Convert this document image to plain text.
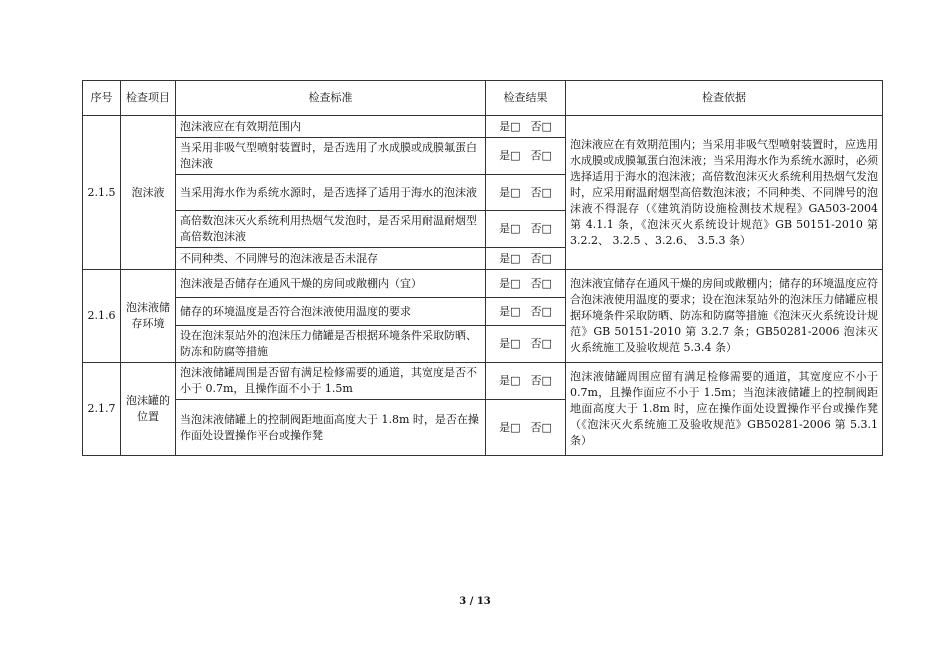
序号	检查项目	检查标准	检查结果	检查依据
2.1.5	泡沫液	泡沫液应在有效期范围内	是□ 否□	泡沫液应在有效期范围内；当采用非吸气型喷射装置时，应选用水成膜或成膜氟蛋白泡沫液；当采用海水作为系统水源时，必须选择适用于海水的泡沫液；高倍数泡沫灭火系统利用热烟气发泡时，应采用耐温耐烟型高倍数泡沫液；不同种类、不同牌号的泡沫液不得混存（《建筑消防设施检测技术规程》GA503-2004 第 4.1.1 条，《泡沫灭火系统设计规范》GB 50151-2010 第 3.2.2、 3.2.5 、3.2.6、 3.5.3 条）
		当采用非吸气型喷射装置时，是否选用了水成膜或成膜氟蛋白泡沫液	是□ 否□	
		当采用海水作为系统水源时，是否选择了适用于海水的泡沫液	是□ 否□	
		高倍数泡沫灭火系统利用热烟气发泡时，是否采用耐温耐烟型高倍数泡沫液	是□ 否□	
		不同种类、不同牌号的泡沫液是否未混存	是□ 否□	
2.1.6	泡沫液储存环境	泡沫液是否储存在通风干燥的房间或敞棚内（宜）	是□ 否□	泡沫液宜储存在通风干燥的房间或敞棚内；储存的环境温度应符合泡沫液使用温度的要求；设在泡沫泵站外的泡沫压力储罐应根据环境条件采取防晒、防冻和防腐等措施《泡沫灭火系统设计规范》GB 50151-2010 第 3.2.7 条；GB50281-2006 泡沫灭火系统施工及验收规范 5.3.4 条）
		储存的环境温度是否符合泡沫液使用温度的要求	是□ 否□	
		设在泡沫泵站外的泡沫压力储罐是否根据环境条件采取防晒、防冻和防腐等措施	是□ 否□	
2.1.7	泡沫罐的位置	泡沫液储罐周围是否留有满足检修需要的通道，其宽度是否不小于 0.7m，且操作面不小于 1.5m	是□ 否□	泡沫液储罐周围应留有满足检修需要的通道，其宽度应不小于 0.7m，且操作面应不小于 1.5m；当泡沫液储罐上的控制阀距地面高度大于 1.8m 时，应在操作面处设置操作平台或操作凳（《泡沫灭火系统施工及验收规范》GB50281-2006 第 5.3.1 条）
		当泡沫液储罐上的控制阀距地面高度大于 1.8m 时，是否在操作面处设置操作平台或操作凳	是□ 否□	
3 / 13
